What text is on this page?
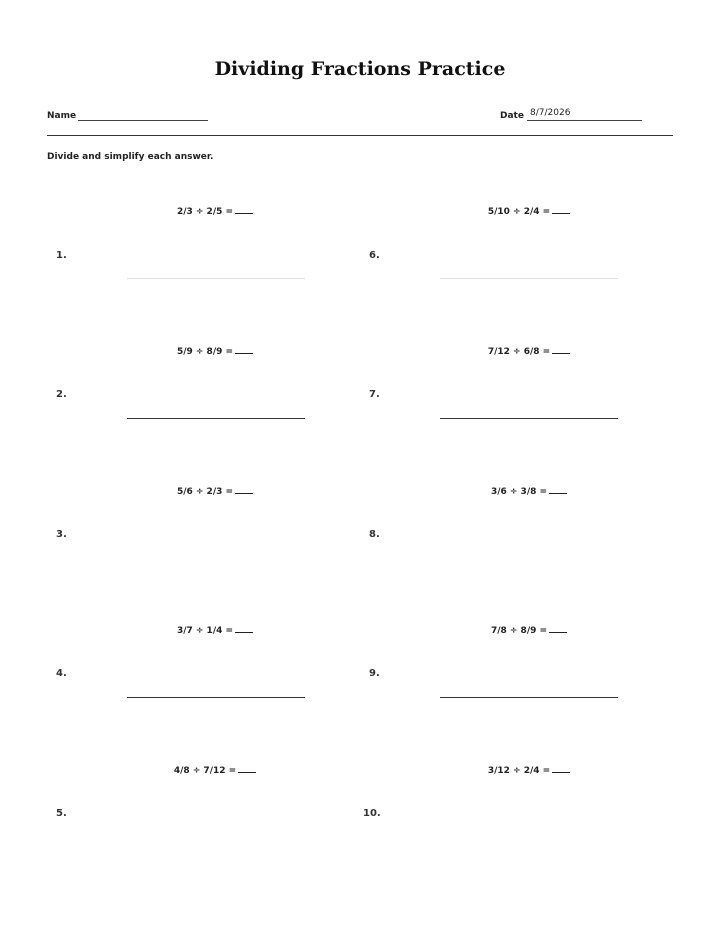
Dividing Fractions Practice
Name	Date 8/7/2026
Divide and simplify each answer.
2/3 ÷ 2/5 =
1.
5/9 ÷ 8/9 =
2.
5/6 ÷ 2/3 =
3.
3/7 ÷ 1/4 =
4.
4/8 ÷ 7/12 =
5.
5/10 ÷ 2/4 =
6.
7/12 ÷ 6/8 =
7.
3/6 ÷ 3/8 =
8.
7/8 ÷ 8/9 =
9.
3/12 ÷ 2/4 =
10.
